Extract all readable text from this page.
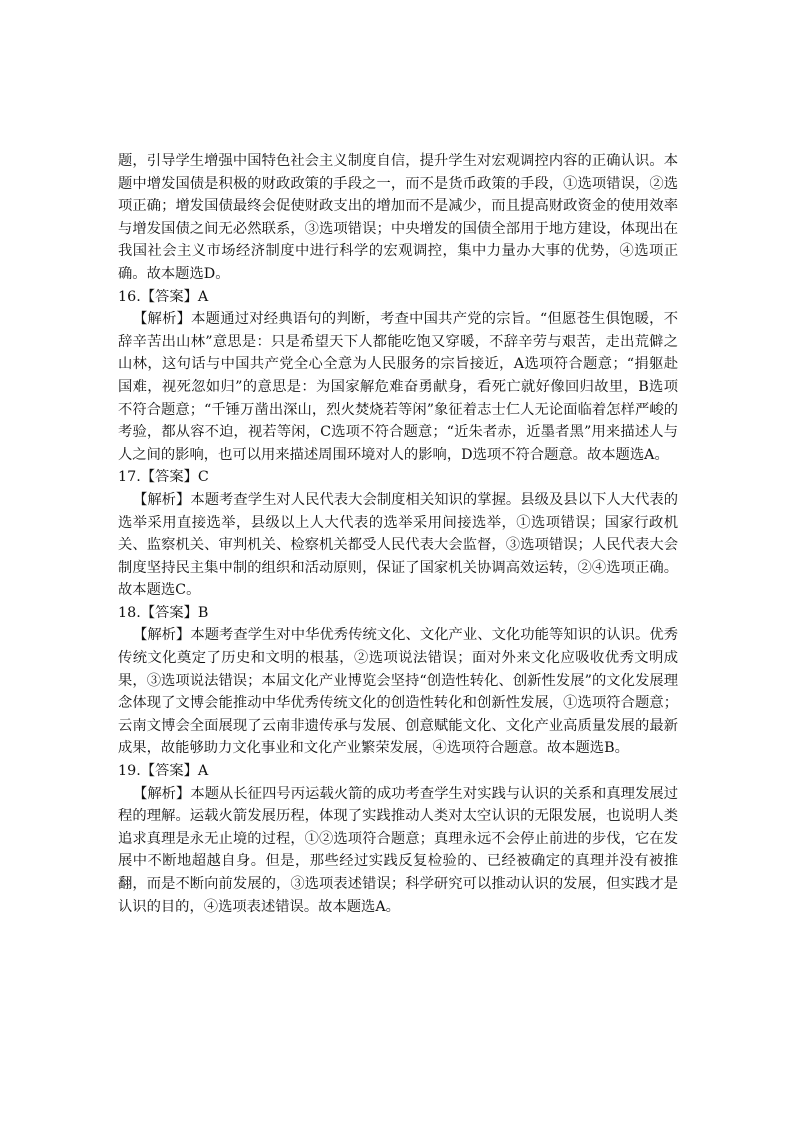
题，引导学生增强中国特色社会主义制度自信，提升学生对宏观调控内容的正确认识。本题中增发国债是积极的财政政策的手段之一，而不是货币政策的手段，①选项错误，②选项正确；增发国债最终会促使财政支出的增加而不是减少，而且提高财政资金的使用效率与增发国债之间无必然联系，③选项错误；中央增发的国债全部用于地方建设，体现出在我国社会主义市场经济制度中进行科学的宏观调控，集中力量办大事的优势，④选项正确。故本题选D。

16.【答案】A

【解析】本题通过对经典语句的判断，考查中国共产党的宗旨。“但愿苍生俱饱暖，不辞辛苦出山林”意思是：只是希望天下人都能吃饱又穿暖，不辞辛劳与艰苦，走出荒僻之山林，这句话与中国共产党全心全意为人民服务的宗旨接近，A选项符合题意；“捐躯赴国难，视死忽如归”的意思是：为国家解危难奋勇献身，看死亡就好像回归故里，B选项不符合题意；“千锤万凿出深山，烈火焚烧若等闲”象征着志士仁人无论面临着怎样严峻的考验，都从容不迫，视若等闲，C选项不符合题意；“近朱者赤，近墨者黑”用来描述人与人之间的影响，也可以用来描述周围环境对人的影响，D选项不符合题意。故本题选A。

17.【答案】C

【解析】本题考查学生对人民代表大会制度相关知识的掌握。县级及县以下人大代表的选举采用直接选举，县级以上人大代表的选举采用间接选举，①选项错误；国家行政机关、监察机关、审判机关、检察机关都受人民代表大会监督，③选项错误；人民代表大会制度坚持民主集中制的组织和活动原则，保证了国家机关协调高效运转，②④选项正确。故本题选C。

18.【答案】B

【解析】本题考查学生对中华优秀传统文化、文化产业、文化功能等知识的认识。优秀传统文化奠定了历史和文明的根基，②选项说法错误；面对外来文化应吸收优秀文明成果，③选项说法错误；本届文化产业博览会坚持“创造性转化、创新性发展”的文化发展理念体现了文博会能推动中华优秀传统文化的创造性转化和创新性发展，①选项符合题意；云南文博会全面展现了云南非遗传承与发展、创意赋能文化、文化产业高质量发展的最新成果，故能够助力文化事业和文化产业繁荣发展，④选项符合题意。故本题选B。

19.【答案】A

【解析】本题从长征四号丙运载火箭的成功考查学生对实践与认识的关系和真理发展过程的理解。运载火箭发展历程，体现了实践推动人类对太空认识的无限发展，也说明人类追求真理是永无止境的过程，①②选项符合题意；真理永远不会停止前进的步伐，它在发展中不断地超越自身。但是，那些经过实践反复检验的、已经被确定的真理并没有被推翻，而是不断向前发展的，③选项表述错误；科学研究可以推动认识的发展，但实践才是认识的目的，④选项表述错误。故本题选A。
